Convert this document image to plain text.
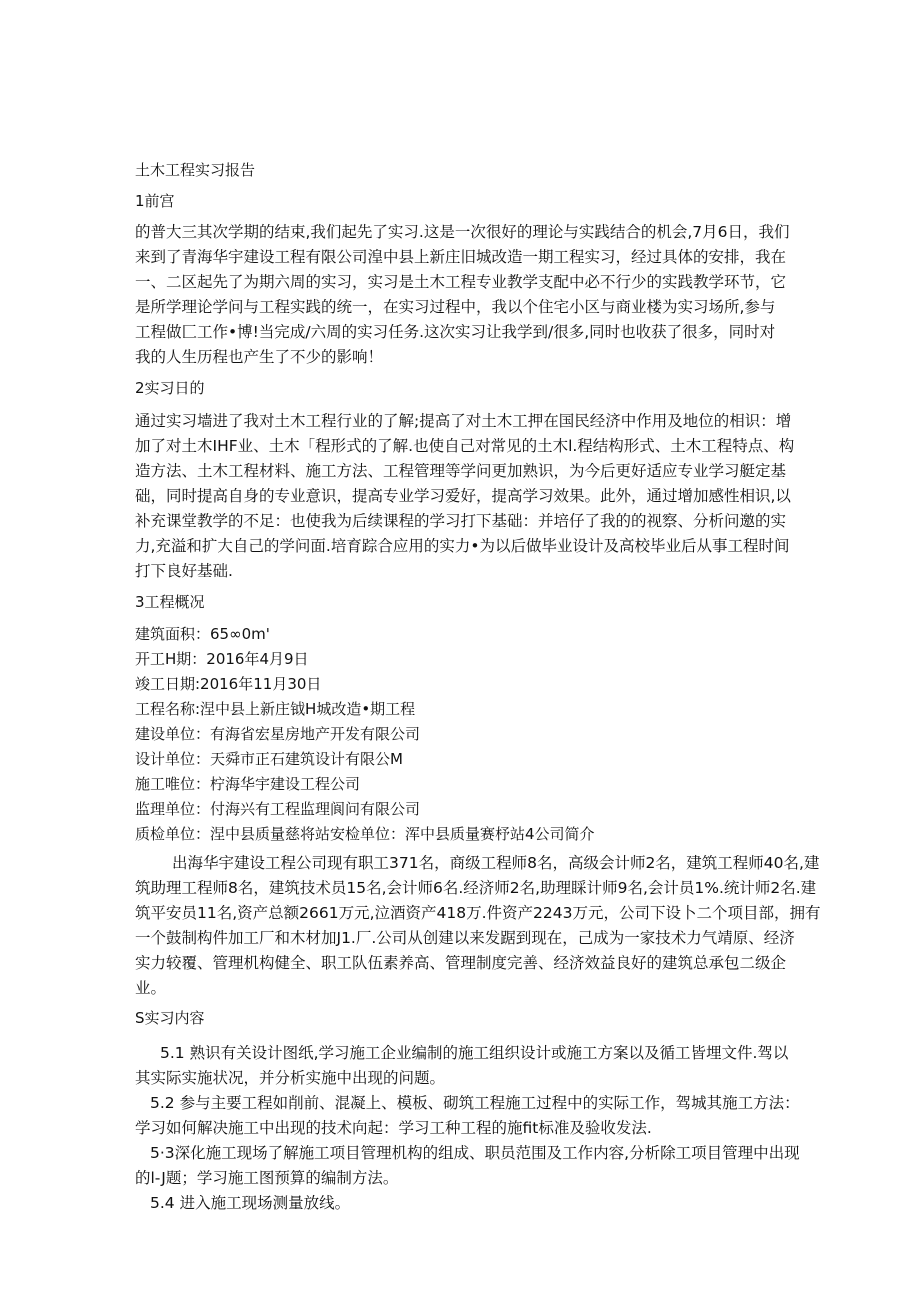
土木工程实习报告
1前宫
的普大三其次学期的结束,我们起先了实习.这是一次很好的理论与实践结合的机会,7月6日，我们
来到了青海华宇建设工程有限公司湟中县上新庄旧城改造一期工程实习，经过具体的安排，我在
一、二区起先了为期六周的实习，实习是土木工程专业教学支配中必不行少的实践教学环节，它
是所学理论学问与工程实践的统一，在实习过程中，我以个住宅小区与商业楼为实习场所,参与
工程做匚工作•博!当完成/六周的实习任务.这次实习让我学到/很多,同时也收获了很多，同时对
我的人生历程也产生了不少的影响！
2实习日的
通过实习墙进了我对土木工程行业的了解;提高了对土木工押在国民经济中作用及地位的相识：增
加了对土木IHF业、土木「程形式的了解.也使自己对常见的土木l.程结构形式、土木工程特点、构
造方法、土木工程材料、施工方法、工程管理等学问更加熟识，为今后更好适应专业学习艇定基
础，同时提高自身的专业意识，提高专业学习爱好，提高学习效果。此外，通过增加感性相识,以
补充课堂教学的不足：也使我为后续课程的学习打下基础：并培仔了我的的视察、分析问邀的实
力,充溢和扩大自己的学问面.培育踪合应用的实力•为以后做毕业设计及高校毕业后从事工程时间
打下良好基础.
3工程概况
建筑面积：65∞0m'
开工H期：2016年4月9日
竣工日期:2016年11月30日
工程名称:涅中县上新庄钺H城改造•期工程
建设单位：有海省宏星房地产开发有限公司
设计单位：天舜市正石建筑设计有限公M
施工唯位：柠海华宇建设工程公司
监理单位：付海兴有工程监理阆问有限公司
质检单位：涅中县质量慈将站安检单位：浑中县质量赛杼站4公司简介
出海华宇建设工程公司现有职工371名，商级工程师8名，高级会计师2名，建筑工程师40名,建
筑助理工程师8名，建筑技术员15名,会计师6名.经济师2名,助理睬计师9名,会计员1%.统计师2名.建
筑平安员11名,资产总额2661万元,泣酒资产418万.件资产2243万元，公司下设卜二个项目部，拥有
一个鼓制构件加工厂和木材加J1.厂.公司从创建以来发踞到现在，己成为一家技术力气靖原、经济
实力较覆、管理机构健全、职工队伍素养高、管理制度完善、经济效益良好的建筑总承包二级企
业。
S实习内容
5.1 熟识有关设计图纸,学习施工企业编制的施工组织设计或施工方案以及循工皆埋文件.驾以
其实际实施状况，并分析实施中出现的问题。
5.2 参与主要工程如削前、混凝上、模板、砌筑工程施工过程中的实际工作，驾城其施工方法：
学习如何解决施工中出现的技术向起：学习工种工程的施fit标准及验收发法.
5·3深化施工现场了解施工项目管理机构的组成、职员范围及工作内容,分析除工项目管理中出现
的l-J题；学习施工图预算的编制方法。
5.4 进入施工现场测量放线。
